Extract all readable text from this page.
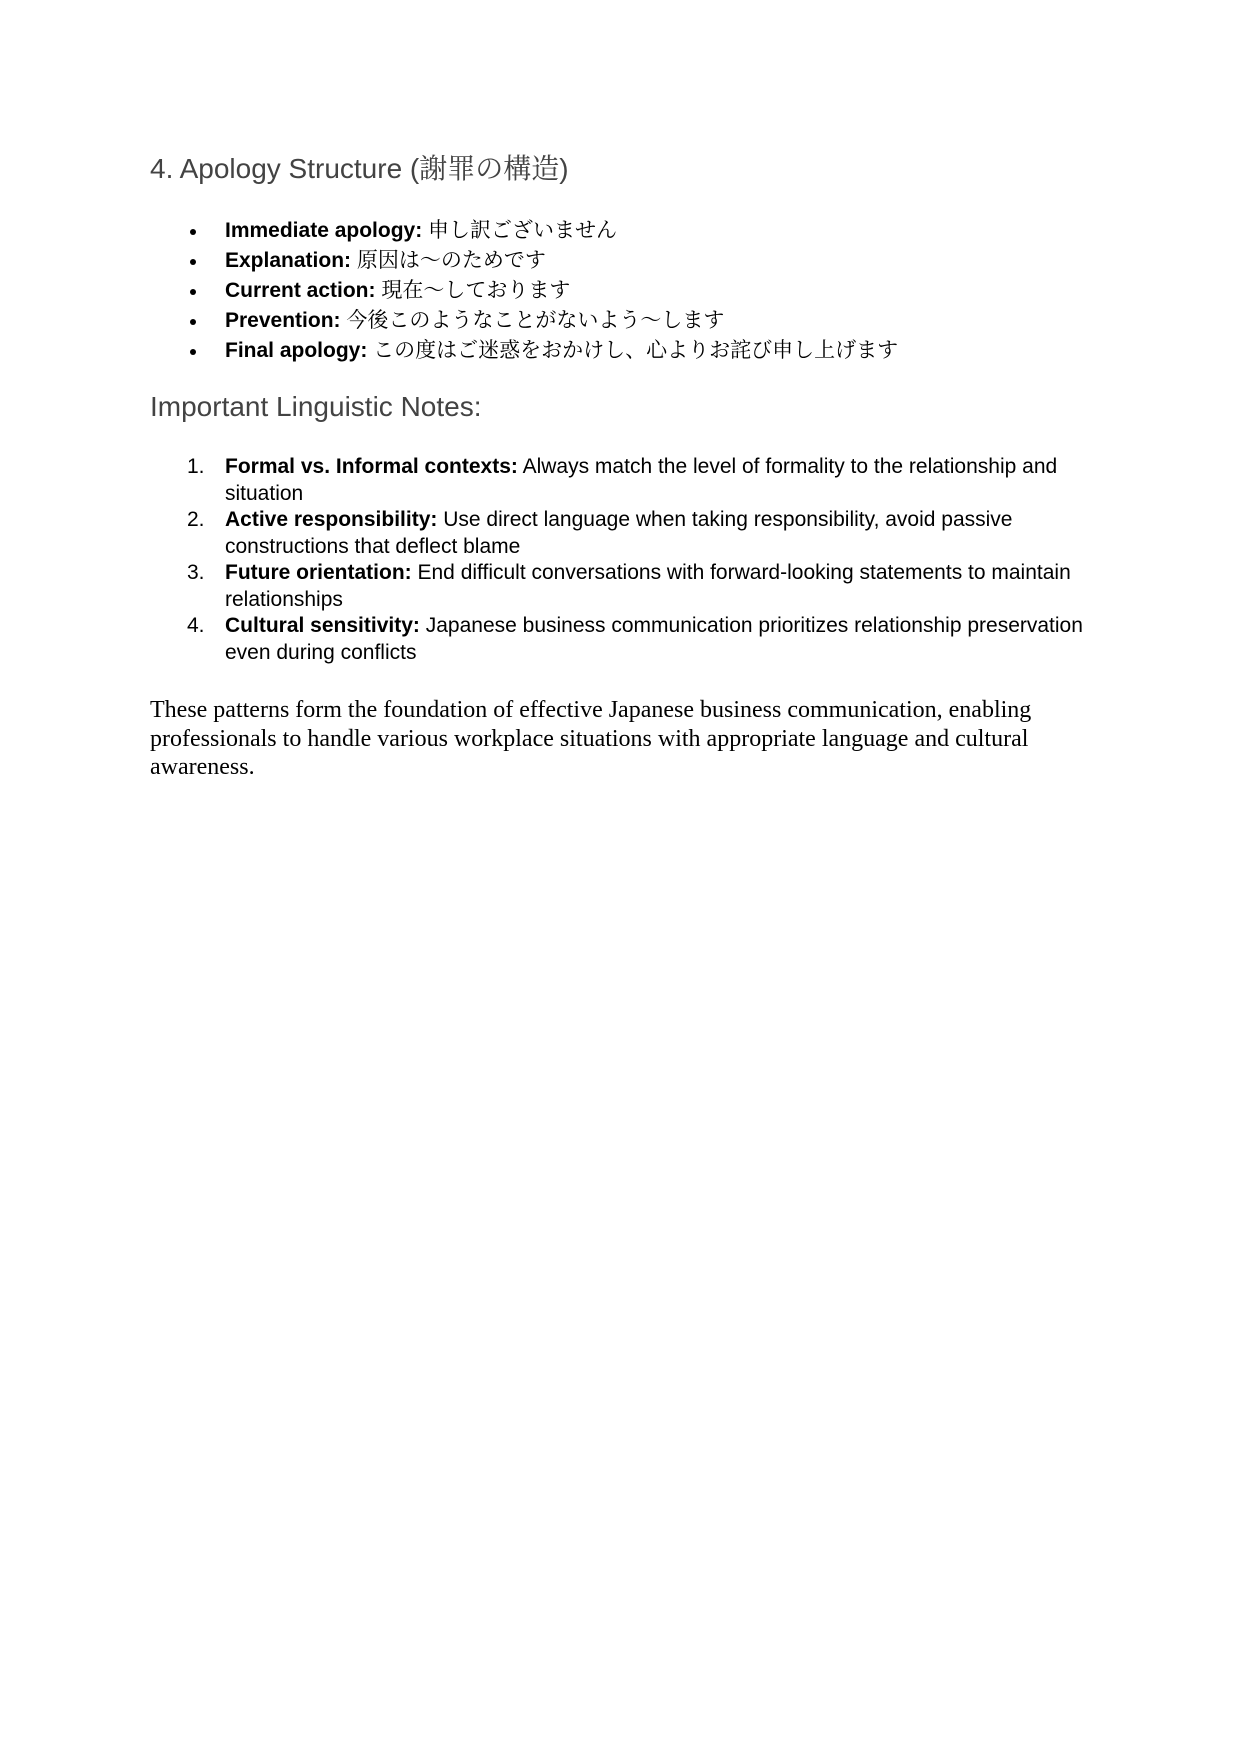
4. Apology Structure (謝罪の構造)
Immediate apology: 申し訳ございません
Explanation: 原因は〜のためです
Current action: 現在〜しております
Prevention: 今後このようなことがないよう〜します
Final apology: この度はご迷惑をおかけし、心よりお詫び申し上げます
Important Linguistic Notes:
1. Formal vs. Informal contexts: Always match the level of formality to the relationship and situation
2. Active responsibility: Use direct language when taking responsibility, avoid passive constructions that deflect blame
3. Future orientation: End difficult conversations with forward-looking statements to maintain relationships
4. Cultural sensitivity: Japanese business communication prioritizes relationship preservation even during conflicts

These patterns form the foundation of effective Japanese business communication, enabling professionals to handle various workplace situations with appropriate language and cultural awareness.
